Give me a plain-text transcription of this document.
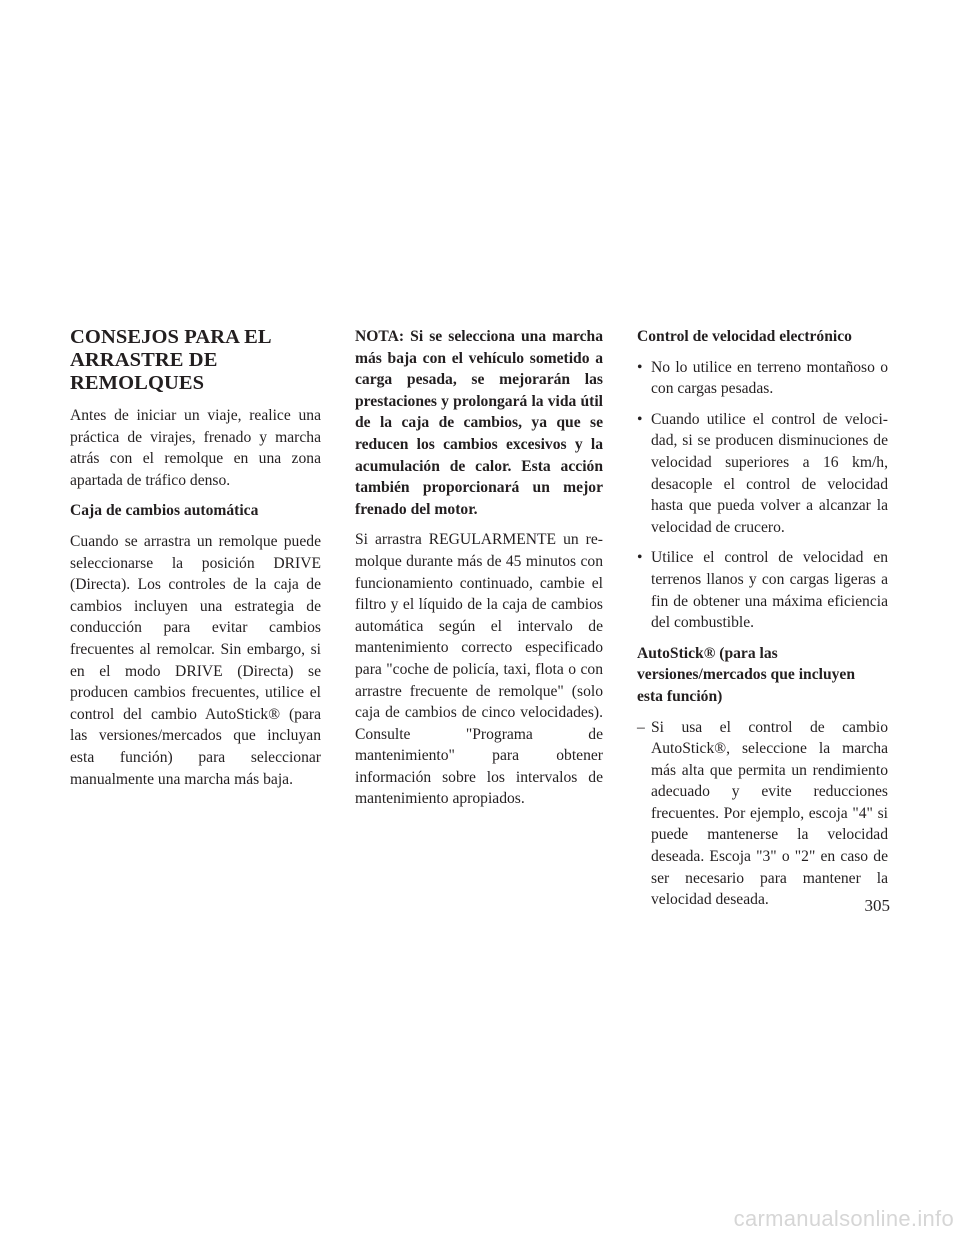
CONSEJOS PARA EL
ARRASTRE DE
REMOLQUES

Antes de iniciar un viaje, realice una práctica de virajes, frenado y marcha atrás con el remolque en una zona apartada de tráfico denso.

Caja de cambios automática

Cuando se arrastra un remolque puede seleccionarse la posición DRIVE (Directa). Los controles de la caja de cambios incluyen una estrategia de conducción para evitar cambios frecuentes al remolcar. Sin embargo, si en el modo DRIVE (Directa) se producen cambios frecuentes, utilice el control del cambio AutoStick® (para las versiones/mercados que incluyan esta función) para seleccionar manualmente una marcha más baja.

NOTA: Si se selecciona una marcha más baja con el vehículo sometido a carga pesada, se mejorarán las prestaciones y prolongará la vida útil de la caja de cambios, ya que se reducen los cambios excesivos y la acumulación de calor. Esta acción también proporcionará un mejor frenado del motor.

Si arrastra REGULARMENTE un remolque durante más de 45 minutos con funcionamiento continuado, cambie el filtro y el líquido de la caja de cambios automática según el intervalo de mantenimiento correcto especificado para "coche de policía, taxi, flota o con arrastre frecuente de remolque" (solo caja de cambios de cinco velocidades). Consulte "Programa de mantenimiento" para obtener información sobre los intervalos de mantenimiento apropiados.

Control de velocidad electrónico

• No lo utilice en terreno montañoso o con cargas pesadas.
• Cuando utilice el control de velocidad, si se producen disminuciones de velocidad superiores a 16 km/h, desacople el control de velocidad hasta que pueda volver a alcanzar la velocidad de crucero.
• Utilice el control de velocidad en terrenos llanos y con cargas ligeras a fin de obtener una máxima eficiencia del combustible.

AutoStick® (para las
versiones/mercados que incluyen
esta función)

– Si usa el control de cambio AutoStick®, seleccione la marcha más alta que permita un rendimiento adecuado y evite reducciones frecuentes. Por ejemplo, escoja "4" si puede mantenerse la velocidad deseada. Escoja "3" o "2" en caso de ser necesario para mantener la velocidad deseada.	305
carmanualsonline.info
